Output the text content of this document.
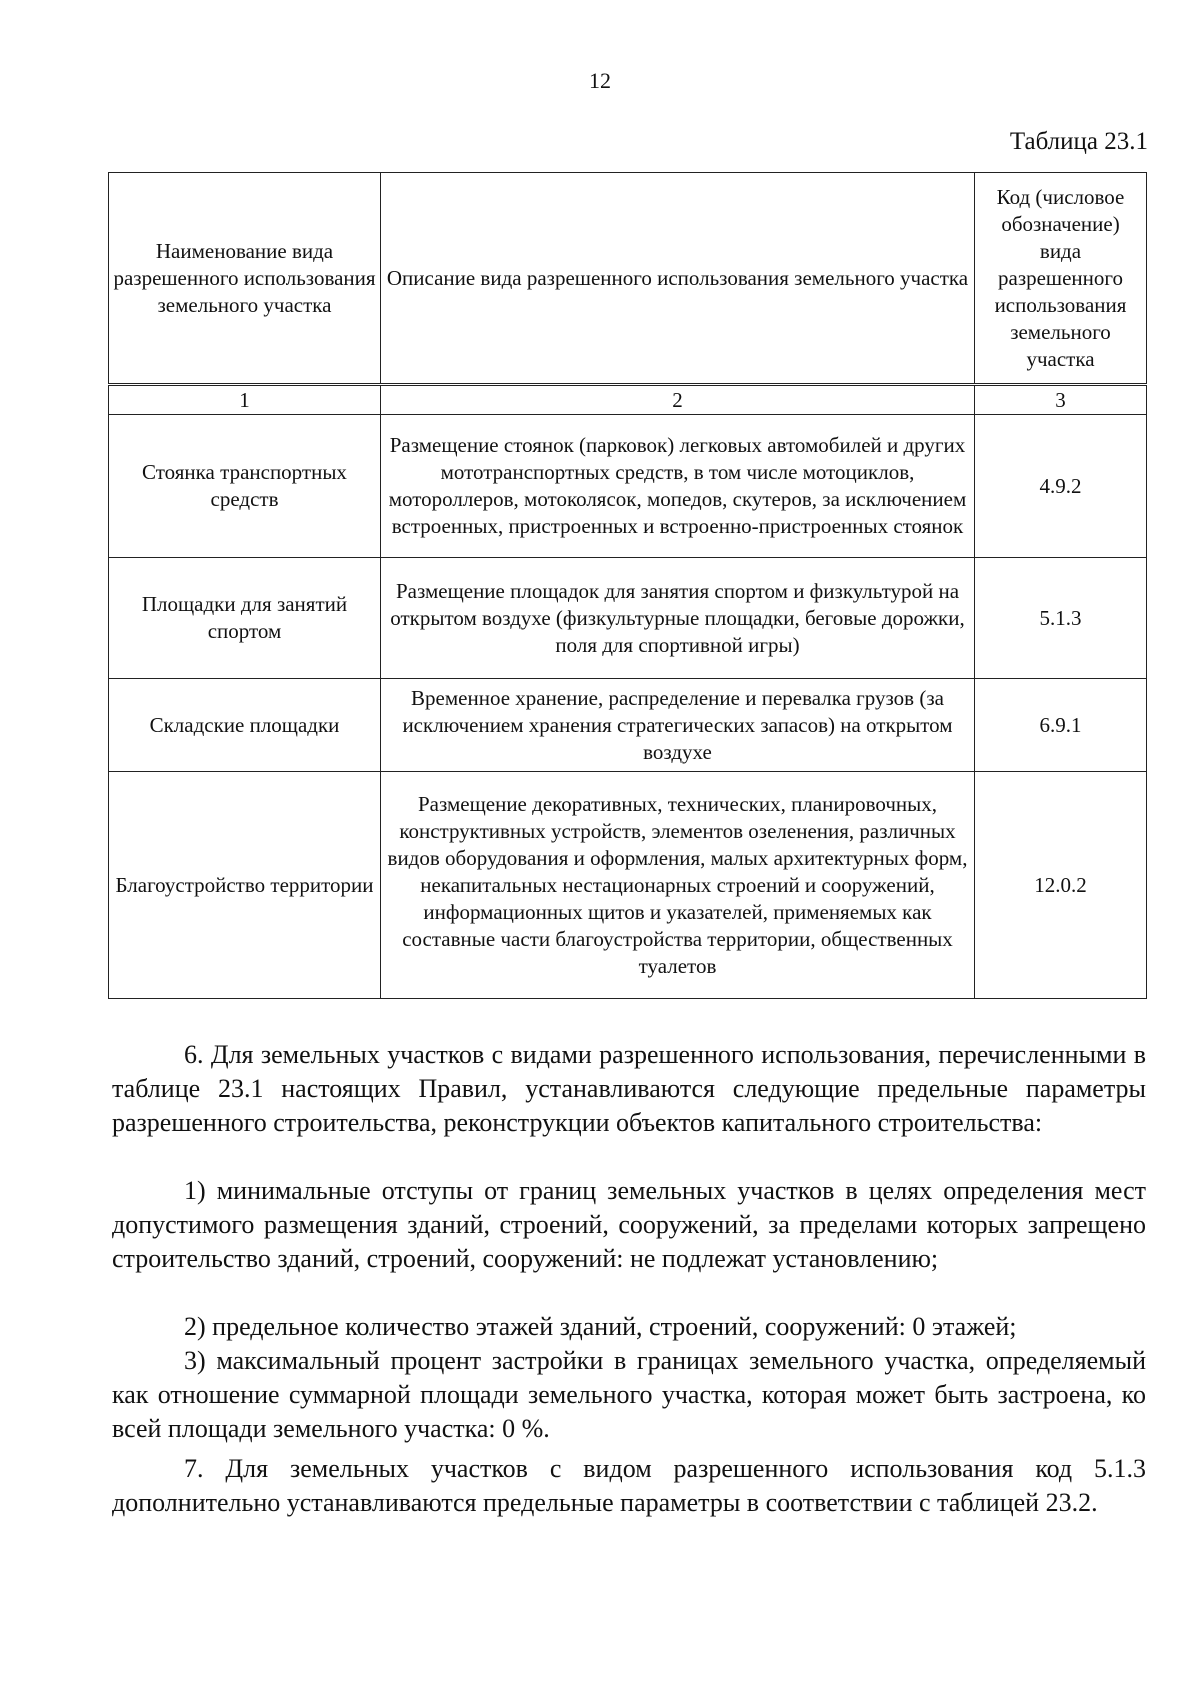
12
Таблица 23.1
Наименование вида разрешенного использования земельного участка	Описание вида разрешенного использования земельного участка	Код (числовое обозначение) вида разрешенного использования земельного участка
1	2	3
Стоянка транспортных средств	Размещение стоянок (парковок) легковых автомобилей и других мототранспортных средств, в том числе мотоциклов, мотороллеров, мотоколясок, мопедов, скутеров, за исключением встроенных, пристроенных и встроенно-пристроенных стоянок	4.9.2
Площадки для занятий спортом	Размещение площадок для занятия спортом и физкультурой на открытом воздухе (физкультурные площадки, беговые дорожки, поля для спортивной игры)	5.1.3
Складские площадки	Временное хранение, распределение и перевалка грузов (за исключением хранения стратегических запасов) на открытом воздухе	6.9.1
Благоустройство территории	Размещение декоративных, технических, планировочных, конструктивных устройств, элементов озеленения, различных видов оборудования и оформления, малых архитектурных форм, некапитальных нестационарных строений и сооружений, информационных щитов и указателей, применяемых как составные части благоустройства территории, общественных туалетов	12.0.2

6. Для земельных участков с видами разрешенного использования, перечисленными в таблице 23.1 настоящих Правил, устанавливаются следующие предельные параметры разрешенного строительства, реконструкции объектов капитального строительства:

1) минимальные отступы от границ земельных участков в целях определения мест допустимого размещения зданий, строений, сооружений, за пределами которых запрещено строительство зданий, строений, сооружений: не подлежат установлению;

2) предельное количество этажей зданий, строений, сооружений: 0 этажей;

3) максимальный процент застройки в границах земельного участка, определяемый как отношение суммарной площади земельного участка, которая может быть застроена, ко всей площади земельного участка: 0 %.

7. Для земельных участков с видом разрешенного использования код 5.1.3 дополнительно устанавливаются предельные параметры в соответствии с таблицей 23.2.
